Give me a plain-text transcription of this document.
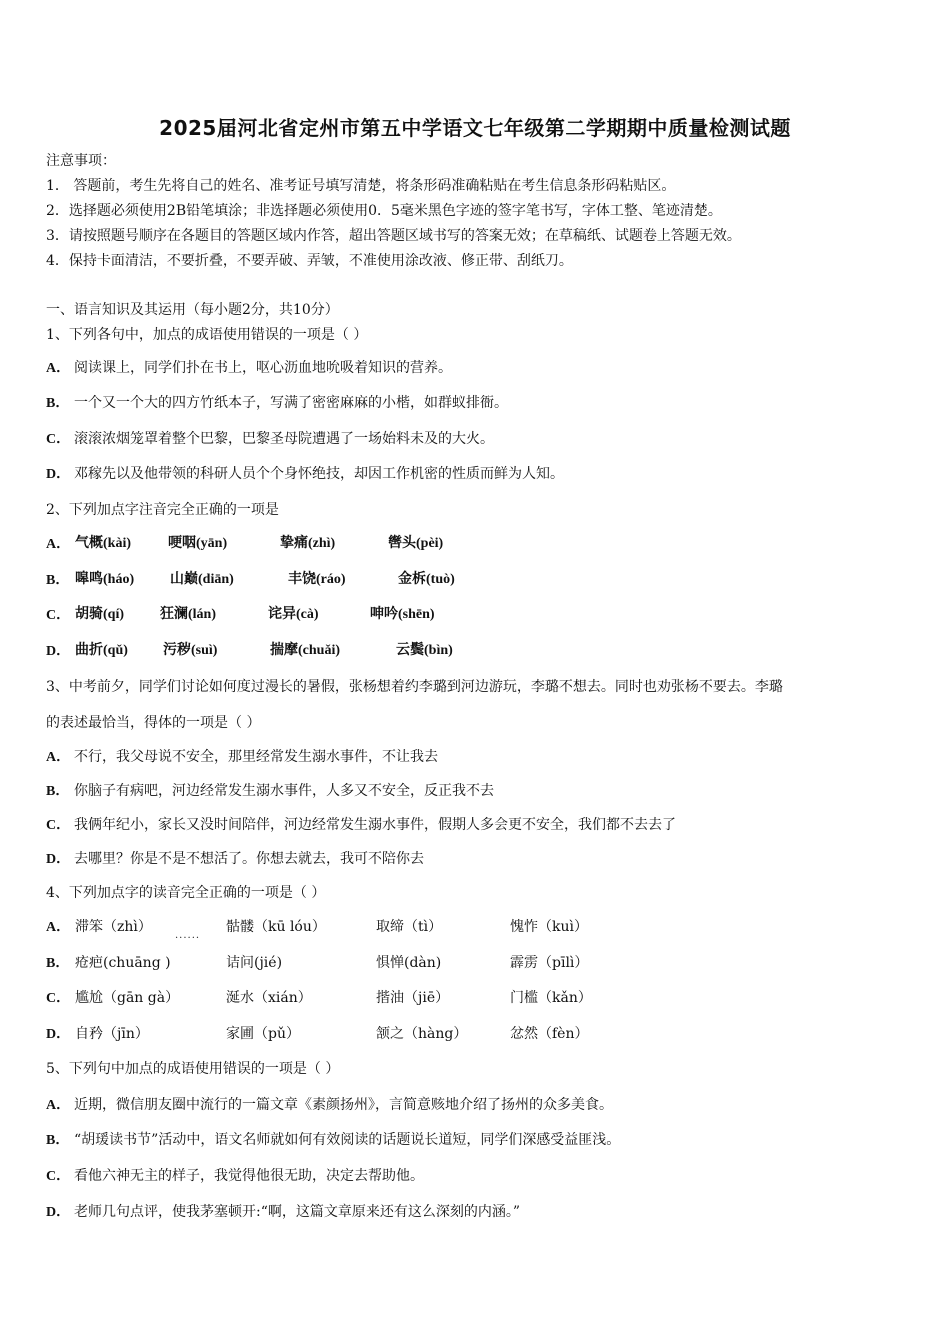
2025届河北省定州市第五中学语文七年级第二学期期中质量检测试题
注意事项：
1． 答题前，考生先将自己的姓名、准考证号填写清楚，将条形码准确粘贴在考生信息条形码粘贴区。
2．选择题必须使用2B铅笔填涂；非选择题必须使用0．5毫米黑色字迹的签字笔书写，字体工整、笔迹清楚。
3．请按照题号顺序在各题目的答题区域内作答，超出答题区域书写的答案无效；在草稿纸、试题卷上答题无效。
4．保持卡面清洁，不要折叠，不要弄破、弄皱，不准使用涂改液、修正带、刮纸刀。
一、语言知识及其运用（每小题2分，共10分）
1、下列各句中，加点的成语使用错误的一项是（ ）
A． 阅读课上，同学们扑在书上，呕心沥血地吮吸着知识的营养。
B． 一个又一个大的四方竹纸本子，写满了密密麻麻的小楷，如群蚁排衙。
C． 滚滚浓烟笼罩着整个巴黎，巴黎圣母院遭遇了一场始料未及的大火。
D． 邓稼先以及他带领的科研人员个个身怀绝技，却因工作机密的性质而鲜为人知。
2、下列加点字注音完全正确的一项是
A． 气概(kài)	哽咽(yān)	挚痛(zhì)	辔头(pèi)
B． 嗥鸣(háo)	山巅(diān)	丰饶(ráo)	金柝(tuò)
C． 胡骑(qí)	狂澜(lán)	诧异(cà)	呻吟(shēn)
D． 曲折(qǔ)	污秽(suì)	揣摩(chuǎi)	云鬓(bìn)
3、中考前夕，同学们讨论如何度过漫长的暑假，张杨想着约李璐到河边游玩，李璐不想去。同时也劝张杨不要去。李璐
的表述最恰当，得体的一项是（ ）
A． 不行，我父母说不安全，那里经常发生溺水事件，不让我去
B． 你脑子有病吧，河边经常发生溺水事件，人多又不安全，反正我不去
C． 我俩年纪小，家长又没时间陪伴，河边经常发生溺水事件，假期人多会更不安全，我们都不去去了
D． 去哪里？你是不是不想活了。你想去就去，我可不陪你去
4、下列加点字的读音完全正确的一项是（ ）
A． 滞笨（zhì）	骷髅（kū lóu）	取缔（tì）	愧怍（kuì）
......
B． 疮疤(chuāng )	诘问(jié)	惧惮(dàn)	霹雳（pīlì）
C． 尴尬（gān gà）	涎水（xián）	揩油（jiē）	门槛（kǎn）
D． 自矜（jīn）	家圃（pǔ）	颔之（hàng）	忿然（fèn）
5、下列句中加点的成语使用错误的一项是（ ）
A． 近期，微信朋友圈中流行的一篇文章《素颜扬州》，言简意赅地介绍了扬州的众多美食。
B． “胡瑗读书节”活动中，语文名师就如何有效阅读的话题说长道短，同学们深感受益匪浅。
C． 看他六神无主的样子，我觉得他很无助，决定去帮助他。
D． 老师几句点评，使我茅塞顿开:“啊，这篇文章原来还有这么深刻的内涵。”
